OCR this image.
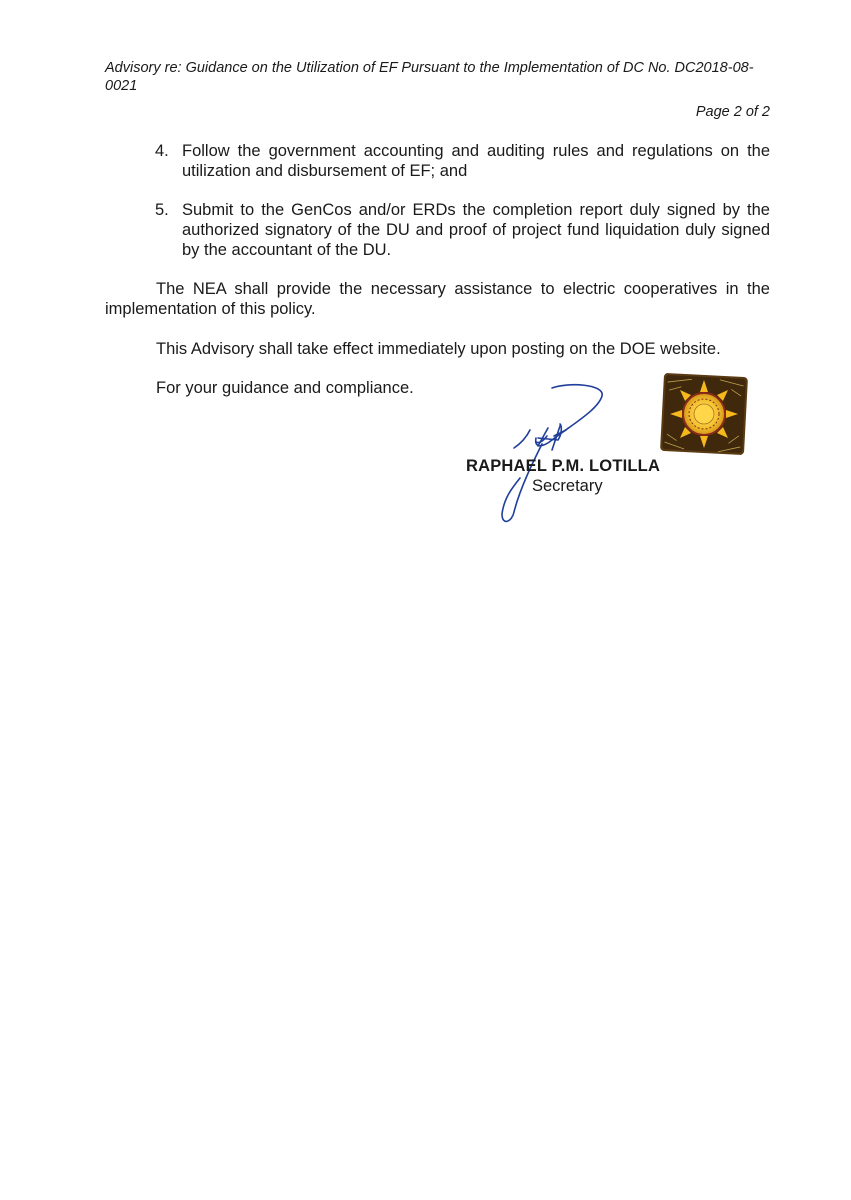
Advisory re: Guidance on the Utilization of EF Pursuant to the Implementation of DC No. DC2018-08-0021
Page 2 of 2
4. Follow the government accounting and auditing rules and regulations on the utilization and disbursement of EF; and
5. Submit to the GenCos and/or ERDs the completion report duly signed by the authorized signatory of the DU and proof of project fund liquidation duly signed by the accountant of the DU.
The NEA shall provide the necessary assistance to electric cooperatives in the implementation of this policy.
This Advisory shall take effect immediately upon posting on the DOE website.
For your guidance and compliance.
RAPHAEL P.M. LOTILLA
Secretary
